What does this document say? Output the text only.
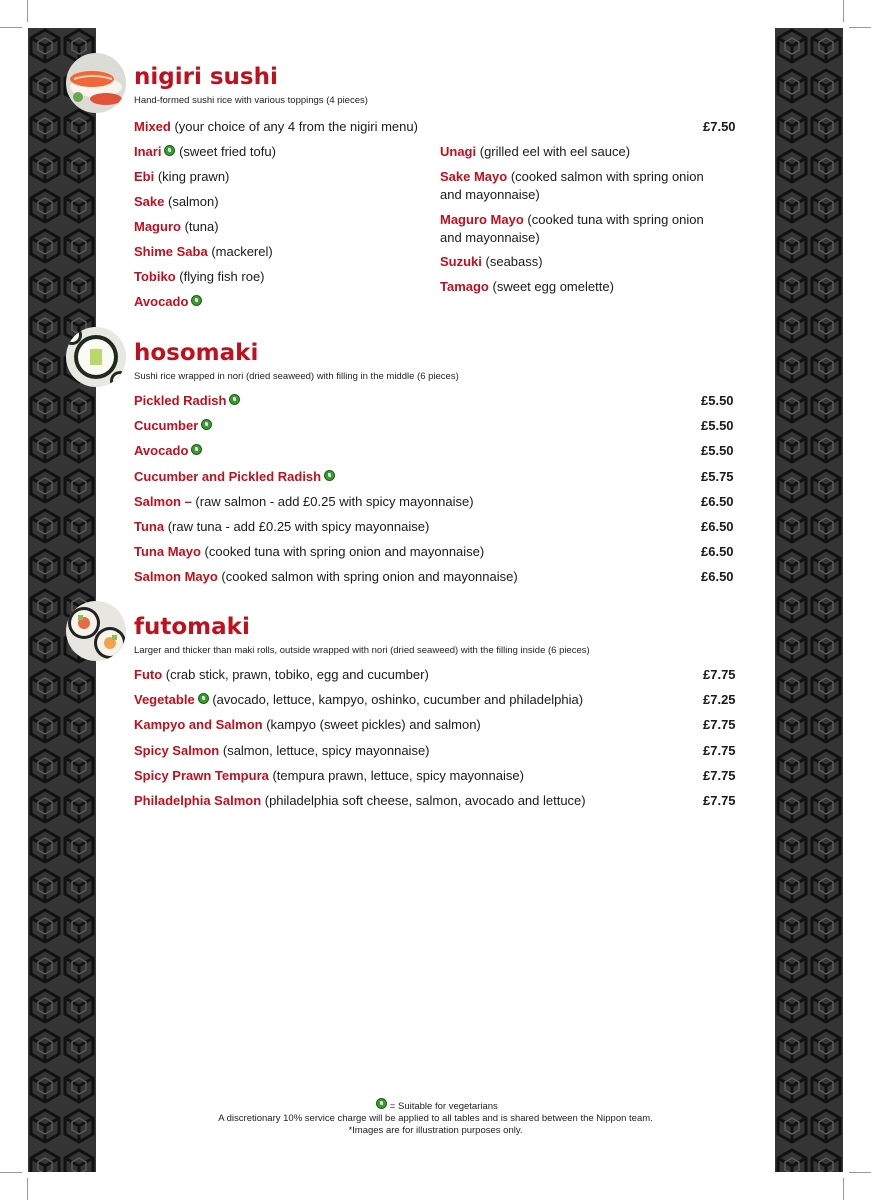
nigiri sushi
Hand-formed sushi rice with various toppings (4 pieces)
Mixed (your choice of any 4 from the nigiri menu)	£7.50
Inari (sweet fried tofu)
Ebi (king prawn)
Sake (salmon)
Maguro (tuna)
Shime Saba (mackerel)
Tobiko (flying fish roe)
Avocado
Unagi (grilled eel with eel sauce)
Sake Mayo (cooked salmon with spring onion
and mayonnaise)
Maguro Mayo (cooked tuna with spring onion
and mayonnaise)
Suzuki (seabass)
Tamago (sweet egg omelette)
hosomaki
Sushi rice wrapped in nori (dried seaweed) with filling in the middle (6 pieces)
Pickled Radish	£5.50
Cucumber	£5.50
Avocado	£5.50
Cucumber and Pickled Radish	£5.75
Salmon – (raw salmon - add £0.25 with spicy mayonnaise)	£6.50
Tuna (raw tuna - add £0.25 with spicy mayonnaise)	£6.50
Tuna Mayo (cooked tuna with spring onion and mayonnaise)	£6.50
Salmon Mayo (cooked salmon with spring onion and mayonnaise)	£6.50
futomaki
Larger and thicker than maki rolls, outside wrapped with nori (dried seaweed) with the filling inside (6 pieces)
Futo (crab stick, prawn, tobiko, egg and cucumber)	£7.75
Vegetable (avocado, lettuce, kampyo, oshinko, cucumber and philadelphia)	£7.25
Kampyo and Salmon (kampyo (sweet pickles) and salmon)	£7.75
Spicy Salmon (salmon, lettuce, spicy mayonnaise)	£7.75
Spicy Prawn Tempura (tempura prawn, lettuce, spicy mayonnaise)	£7.75
Philadelphia Salmon (philadelphia soft cheese, salmon, avocado and lettuce)	£7.75
= Suitable for vegetarians
A discretionary 10% service charge will be applied to all tables and is shared between the Nippon team.
*Images are for illustration purposes only.
